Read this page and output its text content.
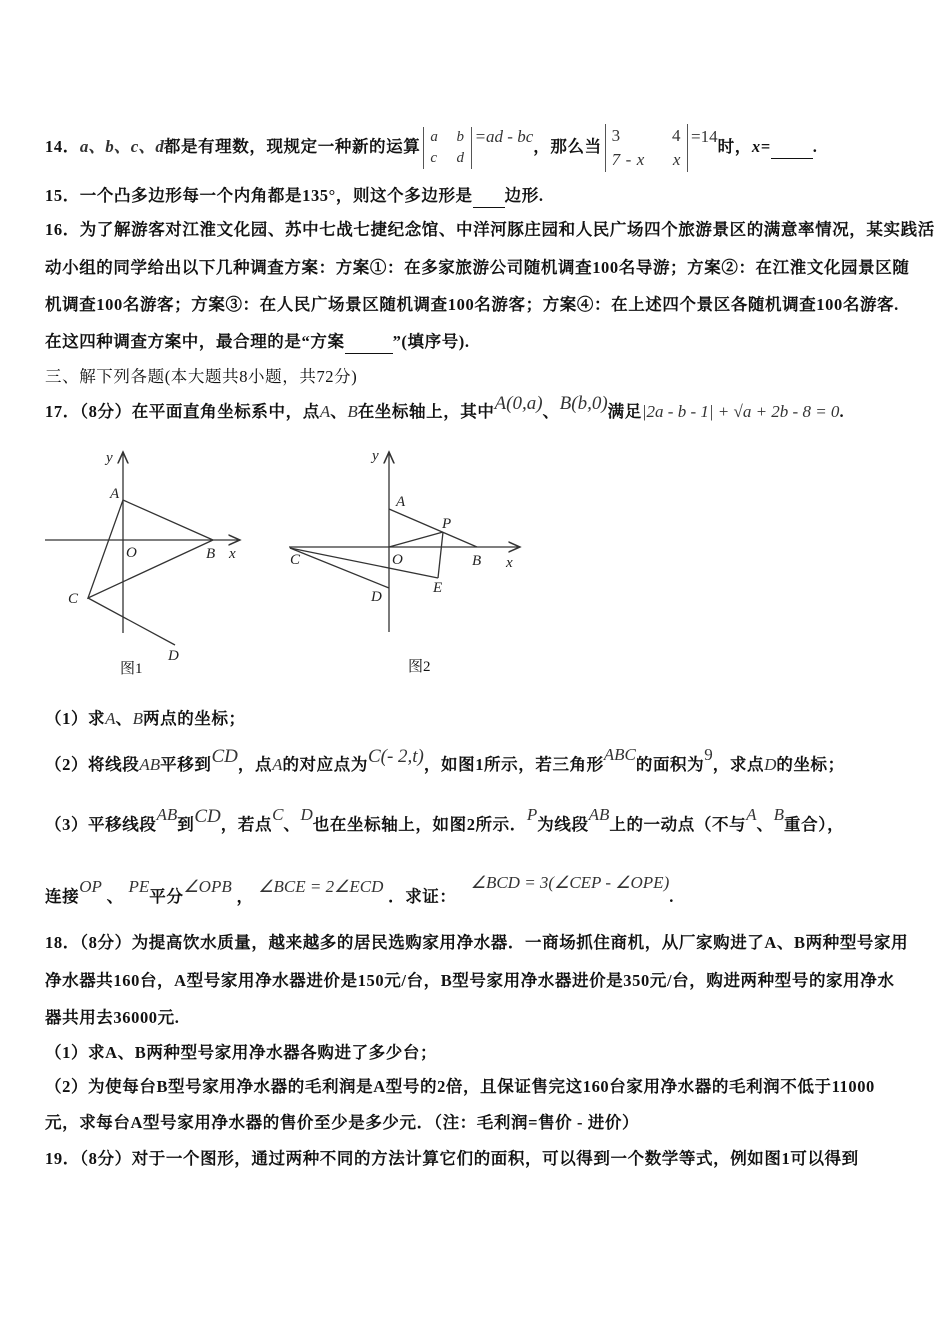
14．a、b、c、d都是有理数，现规定一种新的运算 a b
c d
=ad - bc，那么当
3	4
7 - x x
=14时，x=	.
15．一个凸多边形每一个内角都是135°，则这个多边形是 边形.
16．为了解游客对江淮文化园、苏中七战七捷纪念馆、中洋河豚庄园和人民广场四个旅游景区的满意率情况，某实践活
动小组的同学给出以下几种调查方案：方案①：在多家旅游公司随机调查100名导游；方案②：在江淮文化园景区随
机调查100名游客；方案③：在人民广场景区随机调查100名游客；方案④：在上述四个景区各随机调查100名游客.
在这四种调查方案中，最合理的是“方案	”(填序号).
三、解下列各题(本大题共8小题，共72分)
17．（8分）在平面直角坐标系中，点A、B在坐标轴上，其中A(0,a)、B(b,0)满足|2a - b - 1| + √a + 2b - 8 = 0.
y
A
O	B x
C
D
y
A
P
C	O	B x
D
E
图1	图2
（1）求A、B两点的坐标；
（2）将线段AB平移到CD，点A的对应点为C(- 2,t)，如图1所示，若三角形ABC的面积为9，求点D的坐标；
（3）平移线段AB到CD，若点C、D也在坐标轴上，如图2所示．P为线段AB上的一动点（不与A、B重合），
连接OP 、 PE平分∠OPB ， ∠BCE = 2∠ECD ．求证：   ∠BCD = 3(∠CEP - ∠OPE).
18．（8分）为提高饮水质量，越来越多的居民选购家用净水器．一商场抓住商机，从厂家购进了A、B两种型号家用
净水器共160台，A型号家用净水器进价是150元/台，B型号家用净水器进价是350元/台，购进两种型号的家用净水
器共用去36000元.
（1）求A、B两种型号家用净水器各购进了多少台；
（2）为使每台B型号家用净水器的毛利润是A型号的2倍，且保证售完这160台家用净水器的毛利润不低于11000
元，求每台A型号家用净水器的售价至少是多少元．（注：毛利润=售价 - 进价）
19．（8分）对于一个图形，通过两种不同的方法计算它们的面积，可以得到一个数学等式，例如图1可以得到
